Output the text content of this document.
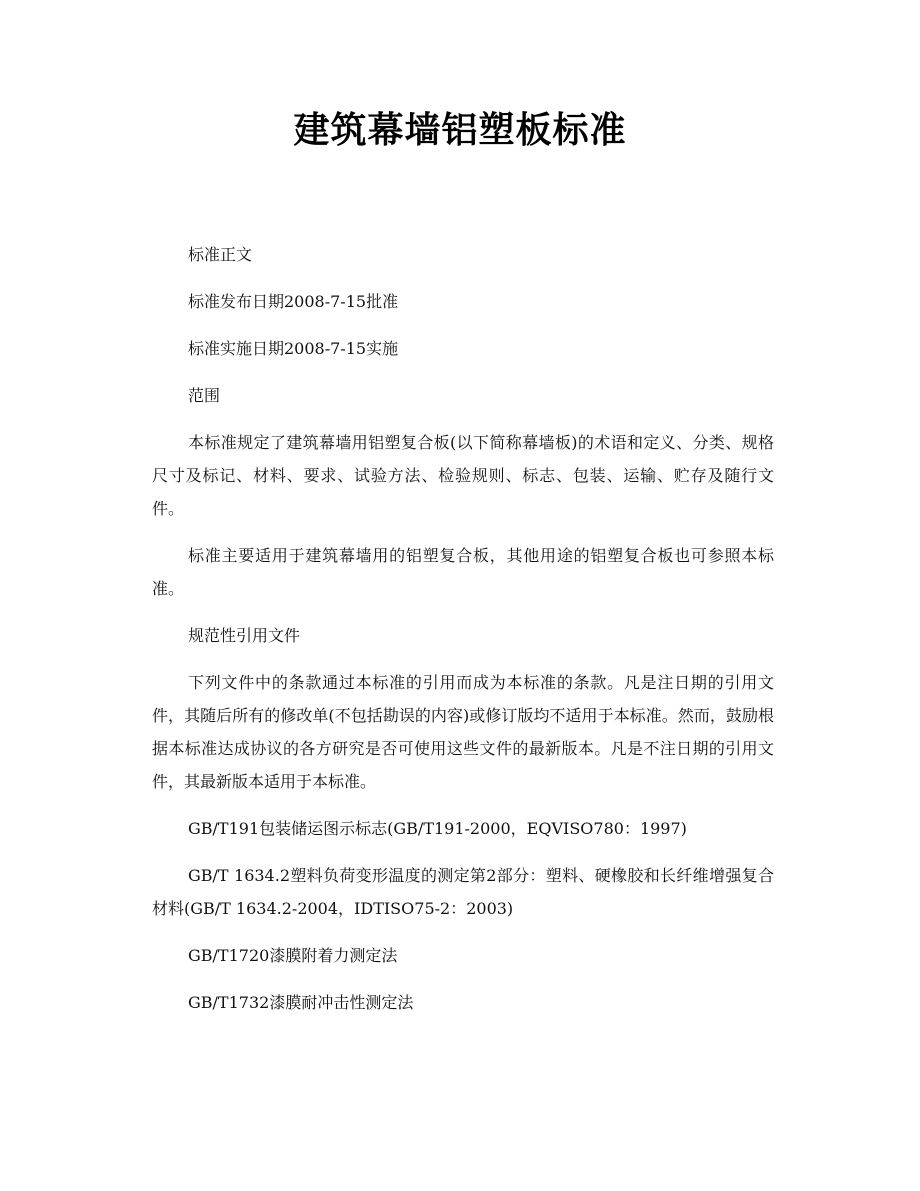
建筑幕墙铝塑板标准

标准正文

标准发布日期2008-7-15批准

标准实施日期2008-7-15实施

范围

本标准规定了建筑幕墙用铝塑复合板(以下简称幕墙板)的术语和定义、分类、规格尺寸及标记、材料、要求、试验方法、检验规则、标志、包装、运输、贮存及随行文件。

标准主要适用于建筑幕墙用的铝塑复合板，其他用途的铝塑复合板也可参照本标准。

规范性引用文件

下列文件中的条款通过本标准的引用而成为本标准的条款。凡是注日期的引用文件，其随后所有的修改单(不包括勘误的内容)或修订版均不适用于本标准。然而，鼓励根据本标准达成协议的各方研究是否可使用这些文件的最新版本。凡是不注日期的引用文件，其最新版本适用于本标准。

GB/T191包装储运图示标志(GB/T191-2000，EQVISO780：1997)

GB/T 1634.2塑料负荷变形温度的测定第2部分：塑料、硬橡胶和长纤维增强复合材料(GB/T 1634.2-2004，IDTISO75-2：2003)

GB/T1720漆膜附着力测定法

GB/T1732漆膜耐冲击性测定法
